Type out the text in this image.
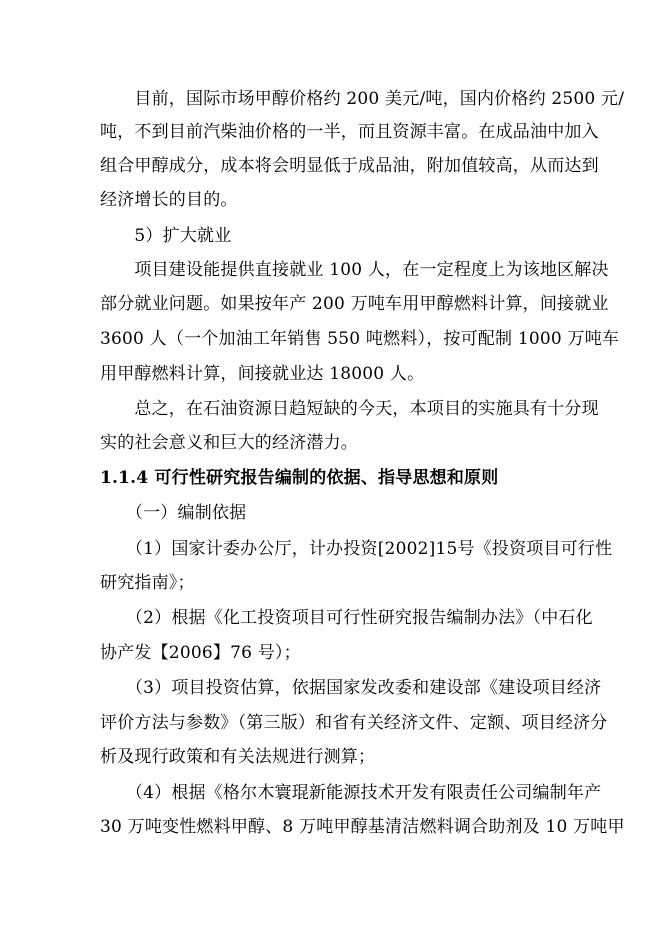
　　目前，国际市场甲醇价格约 200 美元/吨，国内价格约 2500 元/
吨，不到目前汽柴油价格的一半，而且资源丰富。在成品油中加入
组合甲醇成分，成本将会明显低于成品油，附加值较高，从而达到
经济增长的目的。
　　5）扩大就业
　　项目建设能提供直接就业 100 人，在一定程度上为该地区解决
部分就业问题。如果按年产 200 万吨车用甲醇燃料计算，间接就业
3600 人（一个加油工年销售 550 吨燃料），按可配制 1000 万吨车
用甲醇燃料计算，间接就业达 18000 人。
　　总之，在石油资源日趋短缺的今天，本项目的实施具有十分现
实的社会意义和巨大的经济潜力。
1.1.4 可行性研究报告编制的依据、指导思想和原则
　　（一）编制依据
　　（1）国家计委办公厅，计办投资[2002]15号《投资项目可行性
研究指南》；
　　（2）根据《化工投资项目可行性研究报告编制办法》（中石化
协产发【2006】76 号）；
　　（3）项目投资估算，依据国家发改委和建设部《建设项目经济
评价方法与参数》（第三版）和省有关经济文件、定额、项目经济分
析及现行政策和有关法规进行测算；
　　（4）根据《格尔木寰琨新能源技术开发有限责任公司编制年产
30 万吨变性燃料甲醇、8 万吨甲醇基清洁燃料调合助剂及 10 万吨甲
